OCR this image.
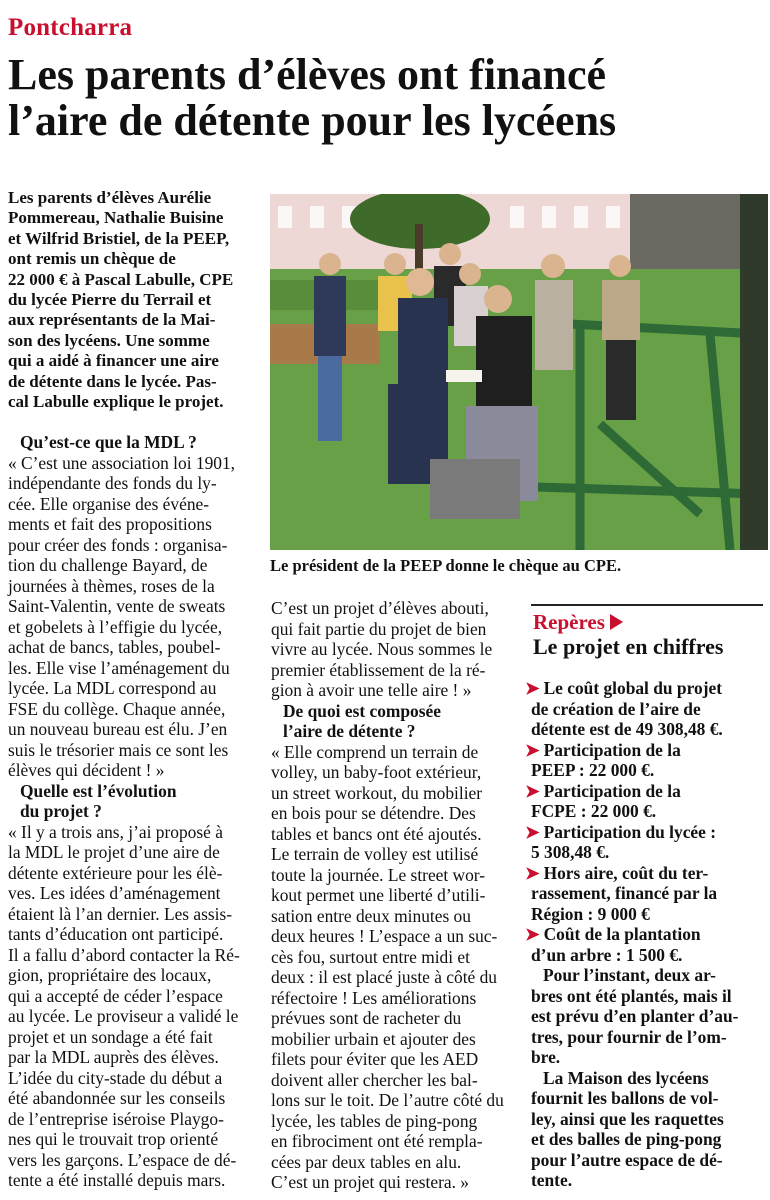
Pontcharra
Les parents d’élèves ont financé
l’aire de détente pour les lycéens
Les parents d’élèves Aurélie
Pommereau, Nathalie Buisine
et Wilfrid Bristiel, de la PEEP,
ont remis un chèque de
22 000 € à Pascal Labulle, CPE
du lycée Pierre du Terrail et
aux représentants de la Mai-
son des lycéens. Une somme
qui a aidé à financer une aire
de détente dans le lycée. Pas-
cal Labulle explique le projet.
Le président de la PEEP donne le chèque au CPE.
Qu’est-ce que la MDL ?
« C’est une association loi 1901,
indépendante des fonds du ly-
cée. Elle organise des événe-
ments et fait des propositions
pour créer des fonds : organisa-
tion du challenge Bayard, de
journées à thèmes, roses de la
Saint-Valentin, vente de sweats
et gobelets à l’effigie du lycée,
achat de bancs, tables, poubel-
les. Elle vise l’aménagement du
lycée. La MDL correspond au
FSE du collège. Chaque année,
un nouveau bureau est élu. J’en
suis le trésorier mais ce sont les
élèves qui décident ! »
Quelle est l’évolution
du projet ?
« Il y a trois ans, j’ai proposé à
la MDL le projet d’une aire de
détente extérieure pour les élè-
ves. Les idées d’aménagement
étaient là l’an dernier. Les assis-
tants d’éducation ont participé.
Il a fallu d’abord contacter la Ré-
gion, propriétaire des locaux,
qui a accepté de céder l’espace
au lycée. Le proviseur a validé le
projet et un sondage a été fait
par la MDL auprès des élèves.
L’idée du city-stade du début a
été abandonnée sur les conseils
de l’entreprise iséroise Playgo-
nes qui le trouvait trop orienté
vers les garçons. L’espace de dé-
tente a été installé depuis mars.
C’est un projet d’élèves abouti,
qui fait partie du projet de bien
vivre au lycée. Nous sommes le
premier établissement de la ré-
gion à avoir une telle aire ! »
De quoi est composée
l’aire de détente ?
« Elle comprend un terrain de
volley, un baby-foot extérieur,
un street workout, du mobilier
en bois pour se détendre. Des
tables et bancs ont été ajoutés.
Le terrain de volley est utilisé
toute la journée. Le street wor-
kout permet une liberté d’utili-
sation entre deux minutes ou
deux heures ! L’espace a un suc-
cès fou, surtout entre midi et
deux : il est placé juste à côté du
réfectoire ! Les améliorations
prévues sont de racheter du
mobilier urbain et ajouter des
filets pour éviter que les AED
doivent aller chercher les bal-
lons sur le toit. De l’autre côté du
lycée, les tables de ping-pong
en fibrociment ont été rempla-
cées par deux tables en alu.
C’est un projet qui restera. »
Repères
Le projet en chiffres
➤ Le coût global du projet
de création de l’aire de
détente est de 49 308,48 €.
➤ Participation de la
PEEP : 22 000 €.
➤ Participation de la
FCPE : 22 000 €.
➤ Participation du lycée :
5 308,48 €.
➤ Hors aire, coût du ter-
rassement, financé par la
Région : 9 000 €
➤ Coût de la plantation
d’un arbre : 1 500 €.
Pour l’instant, deux ar-
bres ont été plantés, mais il
est prévu d’en planter d’au-
tres, pour fournir de l’om-
bre.
La Maison des lycéens
fournit les ballons de vol-
ley, ainsi que les raquettes
et des balles de ping-pong
pour l’autre espace de dé-
tente.
